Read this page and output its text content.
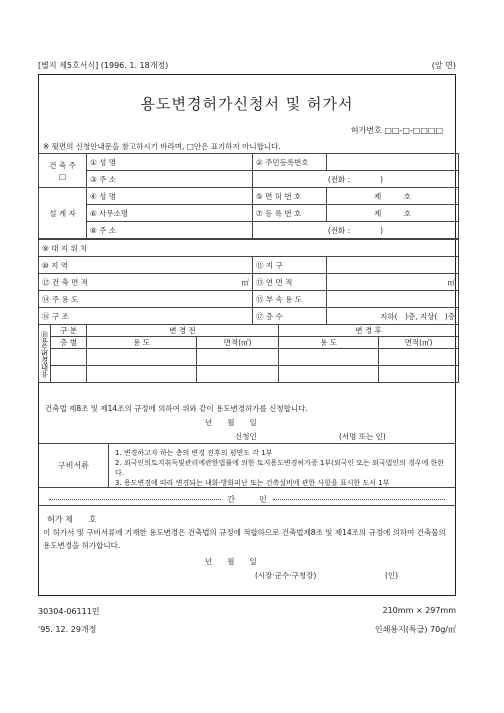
[별지 제5호서식] (1996. 1. 18개정)	(앞 면)
용도변경허가신청서 및 허가서
허가번호 □□-□-□□□□
※ 뒷면의 신청안내문을 참고하시기 바라며, □안은 표기하지 아니합니다.
건 축 주
□	① 성 명	② 주민등록번호	
	③ 주 소	(전화 :　　　　)	
설 계 자	④ 성 명	⑤ 면 허 번 호	제　　　호
	⑥ 사무소명	⑦ 등 록 번 호	제　　　호
	⑧ 주 소	(전화 :　　　　)	
⑨ 대 지 위 치		
⑩ 지 역	⑪ 지 구	
⑫ 건 축 면 적 ㎡	⑬ 연 면 적	㎡
⑭ 주 용 도	⑮ 부 속 용 도	
⑯ 구 조	⑰ 층 수	지하(　)층, 지상(　)층
⑱용도변경내용	구 분	변 경 전		변 경 후	
	층 별	용 도	면적(㎡)	용 도	면적(㎡)

건축법 제8조 및 제14조의 규정에 의하여 위와 같이 용도변경허가를 신청합니다.
년　　월　　일
신청인	(서명 또는 인)
구비서류
1. 변경하고자 하는 층의 변경 전후의 평면도 각 1부
2. 외국인의토지취득및관리에관한법률에 의한 토지용도변경허가증 1부(외국인 또는 외국법인의 경우에 한한다.
3. 용도변경에 따라 변경되는 내화·방화피난 또는 건축설비에 관한 사항을 표시한 도서 1부
간　　　인
허가 제　　호
이 허가서 및 구비서류에 기재한 용도변경은 건축법의 규정에 적합하므로 건축법제8조 및 제14조의 규정에 의하여 건축물의 용도변경을 허가합니다.
년　　월　　일
(시장·군수·구청장)	(인)
30304-06111민	210mm × 297mm
'95. 12. 29개정	인쇄용지(특급) 70g/㎡
